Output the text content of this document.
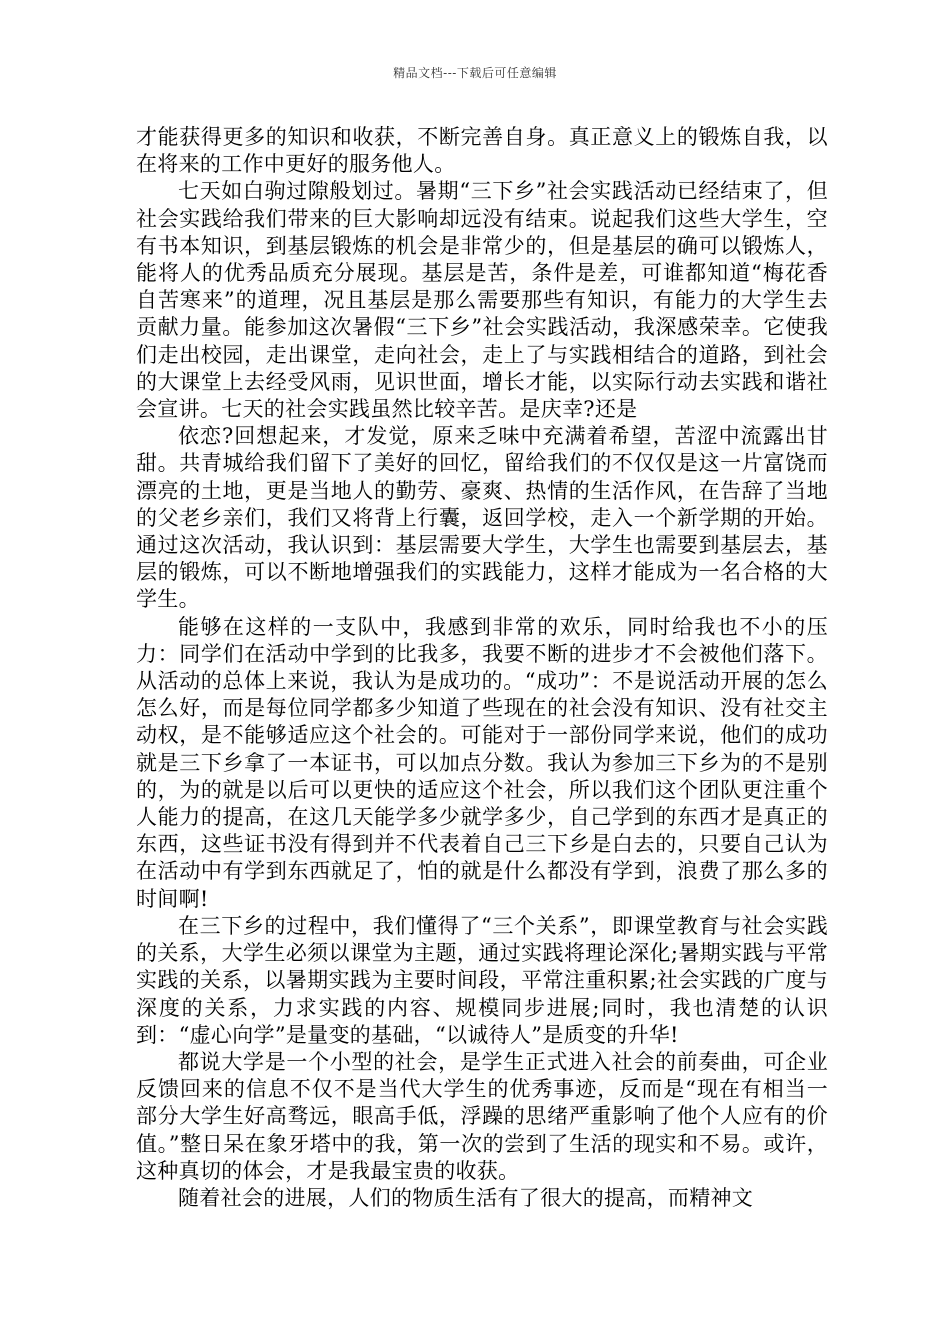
精品文档---下载后可任意编辑

才能获得更多的知识和收获，不断完善自身。真正意义上的锻炼自我，以在将来的工作中更好的服务他人。

七天如白驹过隙般划过。暑期“三下乡”社会实践活动已经结束了，但社会实践给我们带来的巨大影响却远没有结束。说起我们这些大学生，空有书本知识，到基层锻炼的机会是非常少的，但是基层的确可以锻炼人，能将人的优秀品质充分展现。基层是苦，条件是差，可谁都知道“梅花香自苦寒来”的道理，况且基层是那么需要那些有知识，有能力的大学生去贡献力量。能参加这次暑假“三下乡”社会实践活动，我深感荣幸。它使我们走出校园，走出课堂，走向社会，走上了与实践相结合的道路，到社会的大课堂上去经受风雨，见识世面，增长才能，以实际行动去实践和谐社会宣讲。七天的社会实践虽然比较辛苦。是庆幸?还是

依恋?回想起来，才发觉，原来乏味中充满着希望，苦涩中流露出甘甜。共青城给我们留下了美好的回忆，留给我们的不仅仅是这一片富饶而漂亮的土地，更是当地人的勤劳、豪爽、热情的生活作风，在告辞了当地的父老乡亲们，我们又将背上行囊，返回学校，走入一个新学期的开始。通过这次活动，我认识到：基层需要大学生，大学生也需要到基层去，基层的锻炼，可以不断地增强我们的实践能力，这样才能成为一名合格的大学生。

能够在这样的一支队中，我感到非常的欢乐，同时给我也不小的压力：同学们在活动中学到的比我多，我要不断的进步才不会被他们落下。从活动的总体上来说，我认为是成功的。“成功”：不是说活动开展的怎么怎么好，而是每位同学都多少知道了些现在的社会没有知识、没有社交主动权，是不能够适应这个社会的。可能对于一部份同学来说，他们的成功就是三下乡拿了一本证书，可以加点分数。我认为参加三下乡为的不是别的，为的就是以后可以更快的适应这个社会，所以我们这个团队更注重个人能力的提高，在这几天能学多少就学多少，自己学到的东西才是真正的东西，这些证书没有得到并不代表着自己三下乡是白去的，只要自己认为在活动中有学到东西就足了，怕的就是什么都没有学到，浪费了那么多的时间啊!

在三下乡的过程中，我们懂得了“三个关系”，即课堂教育与社会实践的关系，大学生必须以课堂为主题，通过实践将理论深化;暑期实践与平常实践的关系，以暑期实践为主要时间段，平常注重积累;社会实践的广度与深度的关系，力求实践的内容、规模同步进展;同时，我也清楚的认识到：“虚心向学”是量变的基础，“以诚待人”是质变的升华!

都说大学是一个小型的社会，是学生正式进入社会的前奏曲，可企业反馈回来的信息不仅不是当代大学生的优秀事迹，反而是“现在有相当一部分大学生好高骛远，眼高手低，浮躁的思绪严重影响了他个人应有的价值。”整日呆在象牙塔中的我，第一次的尝到了生活的现实和不易。或许，这种真切的体会，才是我最宝贵的收获。

随着社会的进展，人们的物质生活有了很大的提高，而精神文
